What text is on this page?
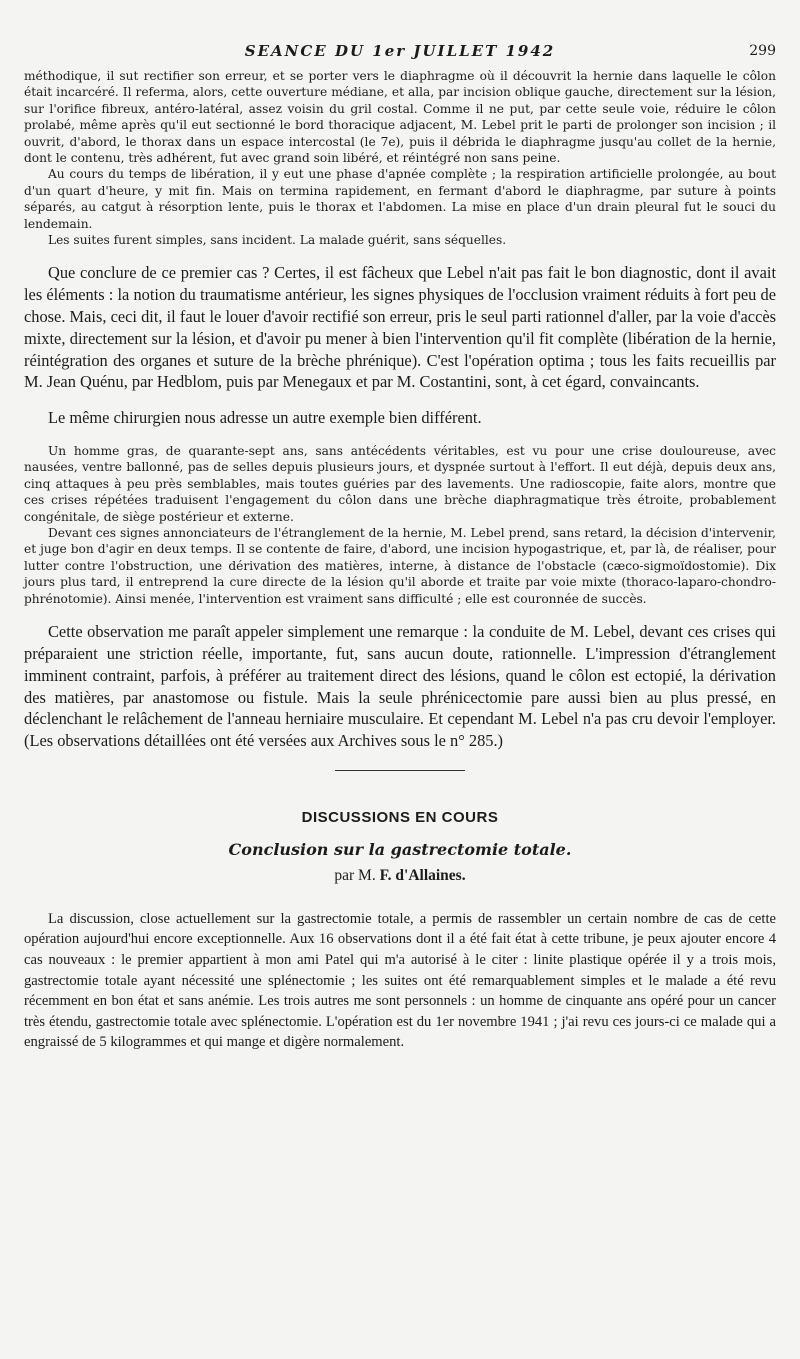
SEANCE DU 1er JUILLET 1942	299

méthodique, il sut rectifier son erreur, et se porter vers le diaphragme où il découvrit la hernie dans laquelle le côlon était incarcéré. Il referma, alors, cette ouverture médiane, et alla, par incision oblique gauche, directement sur la lésion, sur l'orifice fibreux, antéro-latéral, assez voisin du gril costal. Comme il ne put, par cette seule voie, réduire le côlon prolabé, même après qu'il eut sectionné le bord thoracique adjacent, M. Lebel prit le parti de prolonger son incision ; il ouvrit, d'abord, le thorax dans un espace intercostal (le 7e), puis il débrida le diaphragme jusqu'au collet de la hernie, dont le contenu, très adhérent, fut avec grand soin libéré, et réintégré non sans peine.

Au cours du temps de libération, il y eut une phase d'apnée complète ; la respiration artificielle prolongée, au bout d'un quart d'heure, y mit fin. Mais on termina rapidement, en fermant d'abord le diaphragme, par suture à points séparés, au catgut à résorption lente, puis le thorax et l'abdomen. La mise en place d'un drain pleural fut le souci du lendemain.

Les suites furent simples, sans incident. La malade guérit, sans séquelles.

Que conclure de ce premier cas ? Certes, il est fâcheux que Lebel n'ait pas fait le bon diagnostic, dont il avait les éléments : la notion du traumatisme antérieur, les signes physiques de l'occlusion vraiment réduits à fort peu de chose. Mais, ceci dit, il faut le louer d'avoir rectifié son erreur, pris le seul parti rationnel d'aller, par la voie d'accès mixte, directement sur la lésion, et d'avoir pu mener à bien l'intervention qu'il fit complète (libération de la hernie, réintégration des organes et suture de la brèche phrénique). C'est l'opération optima ; tous les faits recueillis par M. Jean Quénu, par Hedblom, puis par Menegaux et par M. Costantini, sont, à cet égard, convaincants.

Le même chirurgien nous adresse un autre exemple bien différent.

Un homme gras, de quarante-sept ans, sans antécédents véritables, est vu pour une crise douloureuse, avec nausées, ventre ballonné, pas de selles depuis plusieurs jours, et dyspnée surtout à l'effort. Il eut déjà, depuis deux ans, cinq attaques à peu près semblables, mais toutes guéries par des lavements. Une radioscopie, faite alors, montre que ces crises répétées traduisent l'engagement du côlon dans une brèche diaphragmatique très étroite, probablement congénitale, de siège postérieur et externe.

Devant ces signes annonciateurs de l'étranglement de la hernie, M. Lebel prend, sans retard, la décision d'intervenir, et juge bon d'agir en deux temps. Il se contente de faire, d'abord, une incision hypogastrique, et, par là, de réaliser, pour lutter contre l'obstruction, une dérivation des matières, interne, à distance de l'obstacle (cæco-sigmoïdostomie). Dix jours plus tard, il entreprend la cure directe de la lésion qu'il aborde et traite par voie mixte (thoraco-laparo-chondro-phrénotomie). Ainsi menée, l'intervention est vraiment sans difficulté ; elle est couronnée de succès.

Cette observation me paraît appeler simplement une remarque : la conduite de M. Lebel, devant ces crises qui préparaient une striction réelle, importante, fut, sans aucun doute, rationnelle. L'impression d'étranglement imminent contraint, parfois, à préférer au traitement direct des lésions, quand le côlon est ectopié, la dérivation des matières, par anastomose ou fistule. Mais la seule phrénicectomie pare aussi bien au plus pressé, en déclenchant le relâchement de l'anneau herniaire musculaire. Et cependant M. Lebel n'a pas cru devoir l'employer. (Les observations détaillées ont été versées aux Archives sous le n° 285.)

DISCUSSIONS EN COURS
Conclusion sur la gastrectomie totale.
par M. F. d'Allaines.

La discussion, close actuellement sur la gastrectomie totale, a permis de rassembler un certain nombre de cas de cette opération aujourd'hui encore exceptionnelle. Aux 16 observations dont il a été fait état à cette tribune, je peux ajouter encore 4 cas nouveaux : le premier appartient à mon ami Patel qui m'a autorisé à le citer : linite plastique opérée il y a trois mois, gastrectomie totale ayant nécessité une splénectomie ; les suites ont été remarquablement simples et le malade a été revu récemment en bon état et sans anémie. Les trois autres me sont personnels : un homme de cinquante ans opéré pour un cancer très étendu, gastrectomie totale avec splénectomie. L'opération est du 1er novembre 1941 ; j'ai revu ces jours-ci ce malade qui a engraissé de 5 kilogrammes et qui mange et digère normalement.
